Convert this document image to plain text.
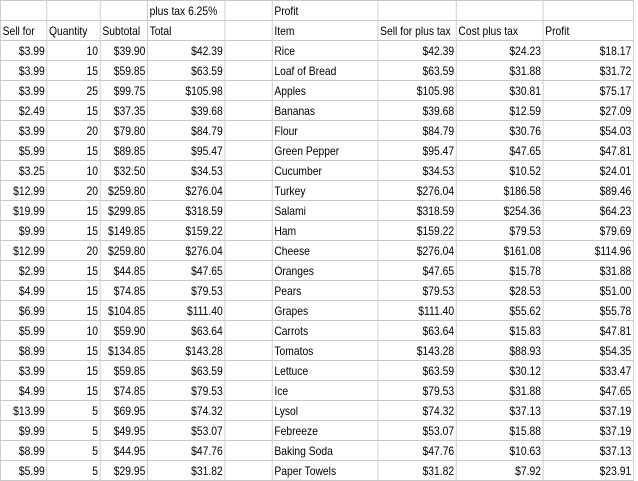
			plus tax 6.25%		Profit			
Sell for	Quantity	Subtotal	Total		Item	Sell for plus tax	Cost plus tax	Profit
$3.99	10	$39.90	$42.39		Rice	$42.39	$24.23	$18.17
$3.99	15	$59.85	$63.59		Loaf of Bread	$63.59	$31.88	$31.72
$3.99	25	$99.75	$105.98		Apples	$105.98	$30.81	$75.17
$2.49	15	$37.35	$39.68		Bananas	$39.68	$12.59	$27.09
$3.99	20	$79.80	$84.79		Flour	$84.79	$30.76	$54.03
$5.99	15	$89.85	$95.47		Green Pepper	$95.47	$47.65	$47.81
$3.25	10	$32.50	$34.53		Cucumber	$34.53	$10.52	$24.01
$12.99	20	$259.80	$276.04		Turkey	$276.04	$186.58	$89.46
$19.99	15	$299.85	$318.59		Salami	$318.59	$254.36	$64.23
$9.99	15	$149.85	$159.22		Ham	$159.22	$79.53	$79.69
$12.99	20	$259.80	$276.04		Cheese	$276.04	$161.08	$114.96
$2.99	15	$44.85	$47.65		Oranges	$47.65	$15.78	$31.88
$4.99	15	$74.85	$79.53		Pears	$79.53	$28.53	$51.00
$6.99	15	$104.85	$111.40		Grapes	$111.40	$55.62	$55.78
$5.99	10	$59.90	$63.64		Carrots	$63.64	$15.83	$47.81
$8.99	15	$134.85	$143.28		Tomatos	$143.28	$88.93	$54.35
$3.99	15	$59.85	$63.59		Lettuce	$63.59	$30.12	$33.47
$4.99	15	$74.85	$79.53		Ice	$79.53	$31.88	$47.65
$13.99	5	$69.95	$74.32		Lysol	$74.32	$37.13	$37.19
$9.99	5	$49.95	$53.07		Febreeze	$53.07	$15.88	$37.19
$8.99	5	$44.95	$47.76		Baking Soda	$47.76	$10.63	$37.13
$5.99	5	$29.95	$31.82		Paper Towels	$31.82	$7.92	$23.91
